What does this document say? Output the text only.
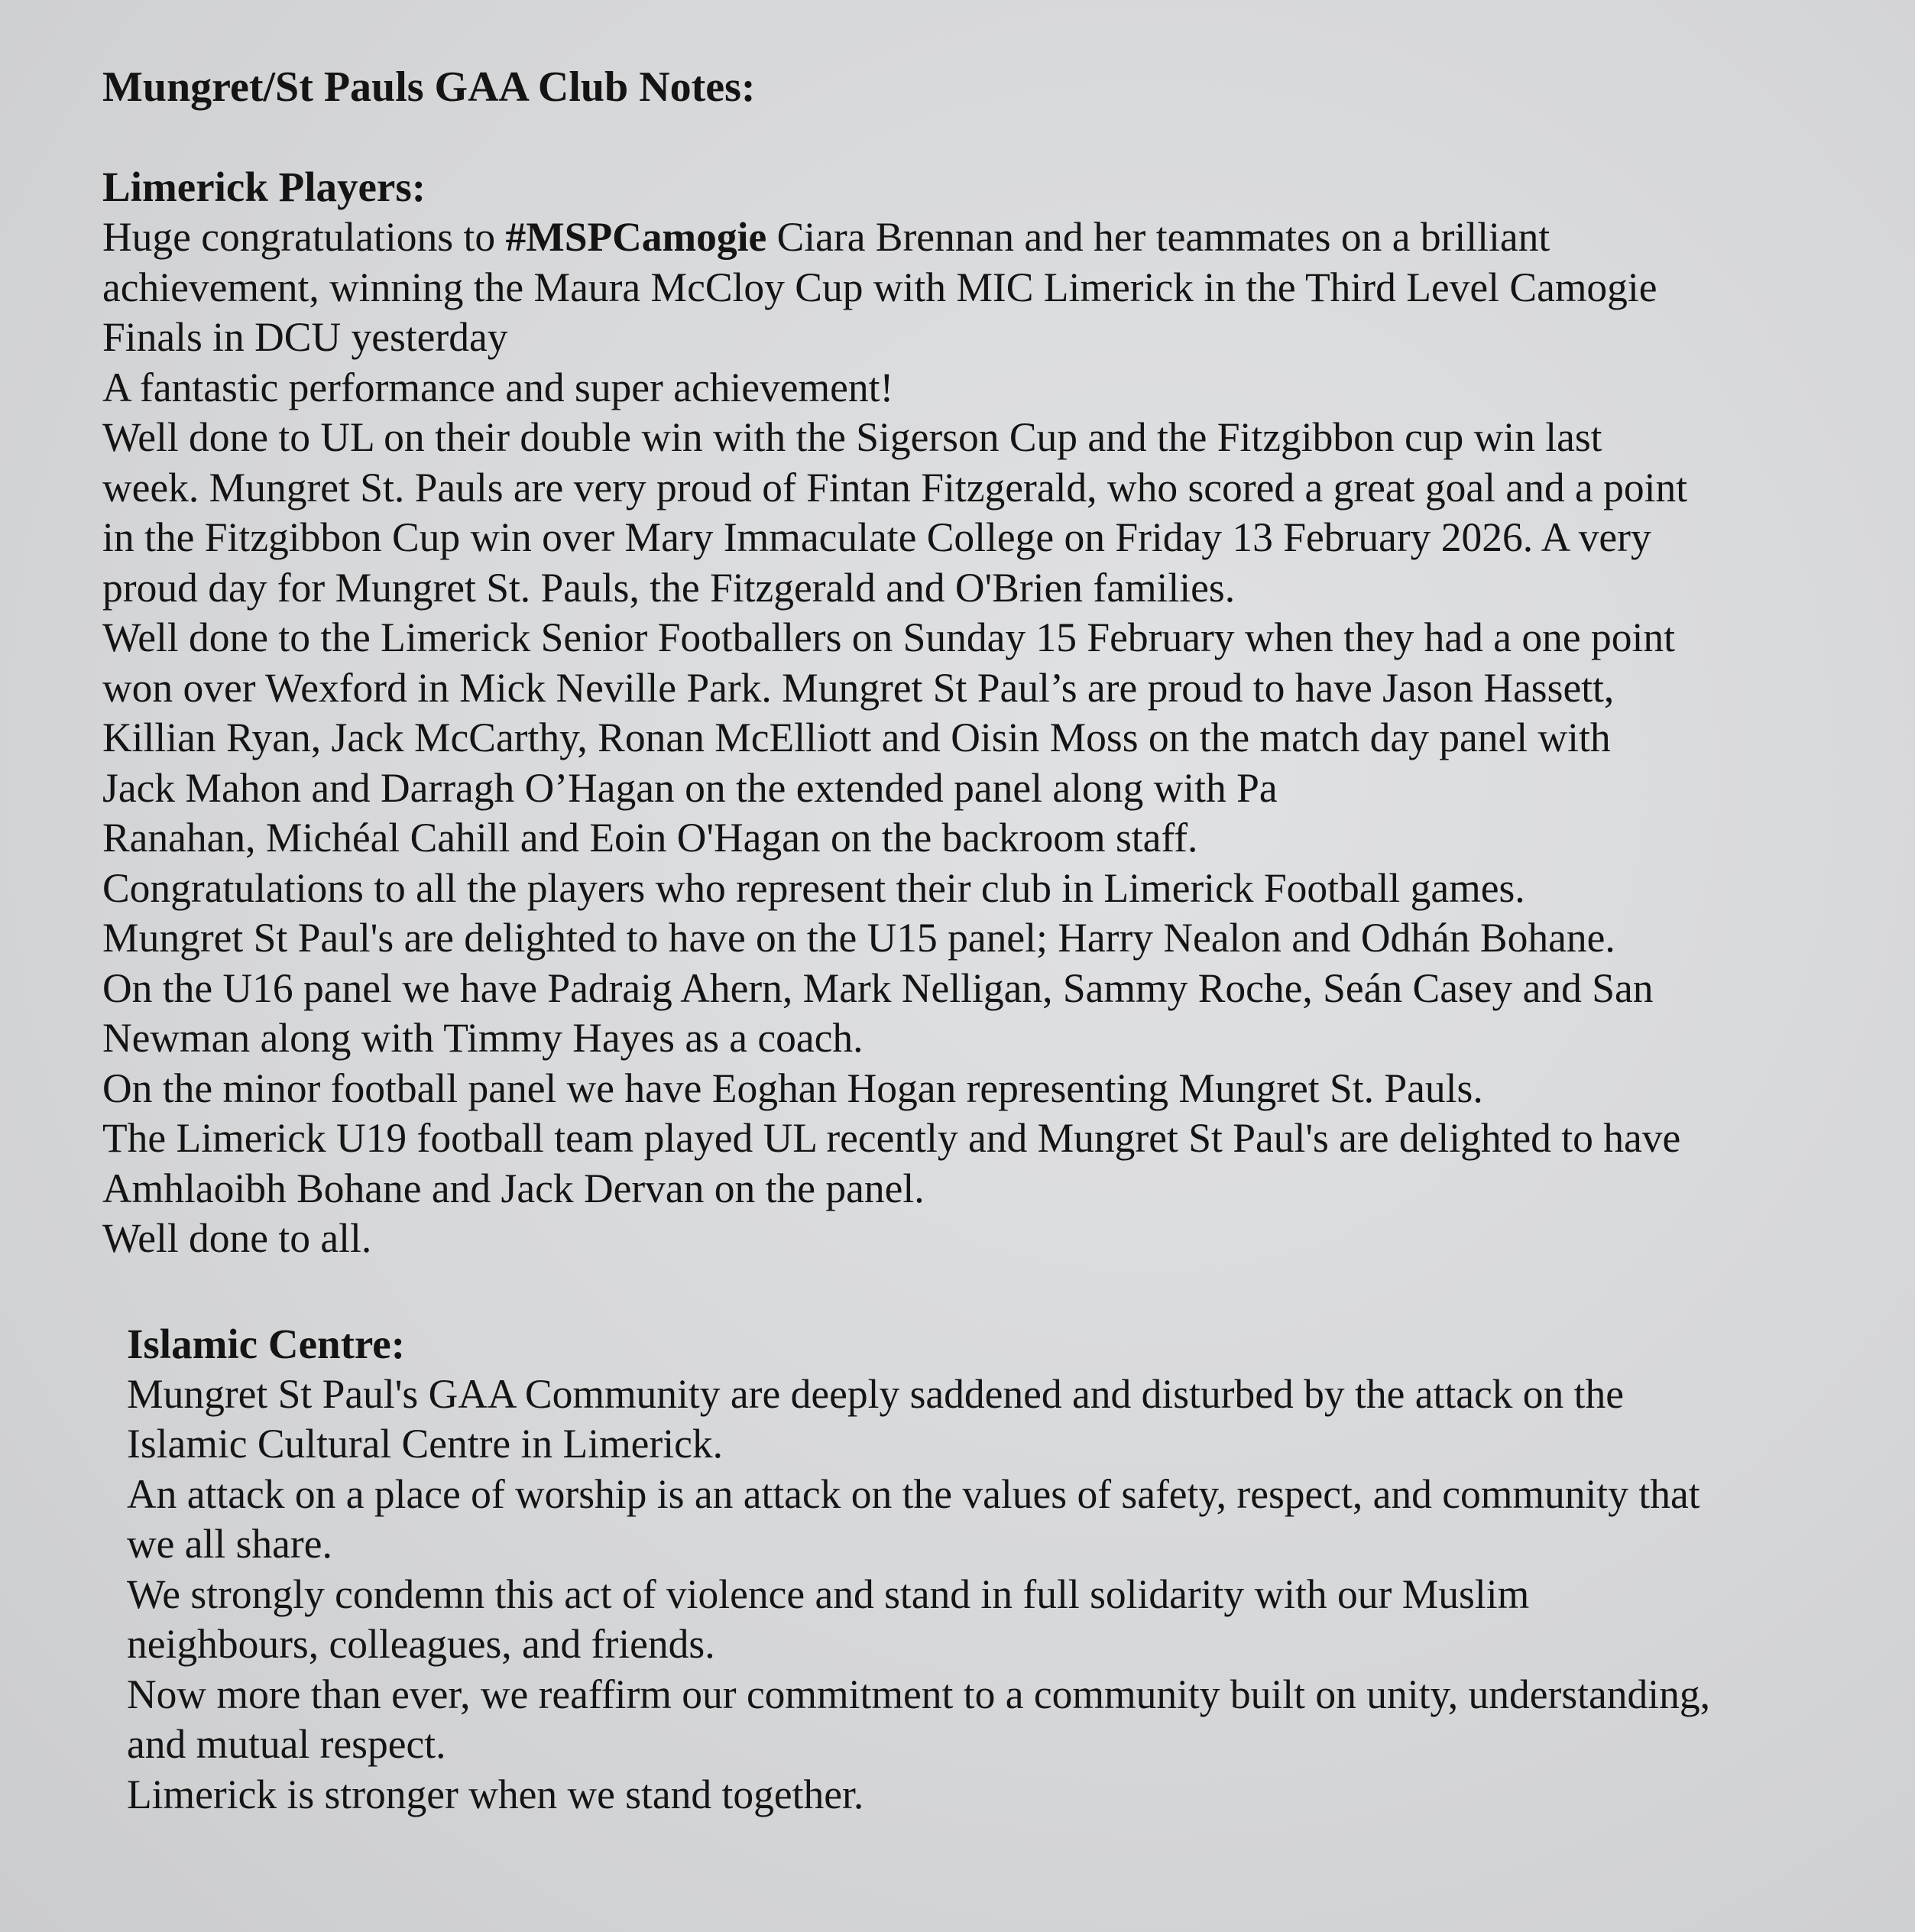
Mungret/St Pauls GAA Club Notes:
Limerick Players:

Huge congratulations to #MSPCamogie Ciara Brennan and her teammates on a brilliant

achievement, winning the Maura McCloy Cup with MIC Limerick in the Third Level Camogie

Finals in DCU yesterday

A fantastic performance and super achievement!

Well done to UL on their double win with the Sigerson Cup and the Fitzgibbon cup win last

week. Mungret St. Pauls are very proud of Fintan Fitzgerald, who scored a great goal and a point

in the Fitzgibbon Cup win over Mary Immaculate College on Friday 13 February 2026. A very

proud day for Mungret St. Pauls, the Fitzgerald and O'Brien families.

Well done to the Limerick Senior Footballers on Sunday 15 February when they had a one point

won over Wexford in Mick Neville Park. Mungret St Paul’s are proud to have Jason Hassett,

Killian Ryan, Jack McCarthy, Ronan McElliott and Oisin Moss on the match day panel with

Jack Mahon and Darragh O’Hagan on the extended panel along with Pa

Ranahan, Michéal Cahill and Eoin O'Hagan on the backroom staff.

Congratulations to all the players who represent their club in Limerick Football games.

Mungret St Paul's are delighted to have on the U15 panel; Harry Nealon and Odhán Bohane.

On the U16 panel we have Padraig Ahern, Mark Nelligan, Sammy Roche, Seán Casey and San

Newman along with Timmy Hayes as a coach.

On the minor football panel we have Eoghan Hogan representing Mungret St. Pauls.

The Limerick U19 football team played UL recently and Mungret St Paul's are delighted to have

Amhlaoibh Bohane and Jack Dervan on the panel.

Well done to all.

Islamic Centre:

Mungret St Paul's GAA Community are deeply saddened and disturbed by the attack on the

Islamic Cultural Centre in Limerick.

An attack on a place of worship is an attack on the values of safety, respect, and community that

we all share.

We strongly condemn this act of violence and stand in full solidarity with our Muslim

neighbours, colleagues, and friends.

Now more than ever, we reaffirm our commitment to a community built on unity, understanding,

and mutual respect.

Limerick is stronger when we stand together.
